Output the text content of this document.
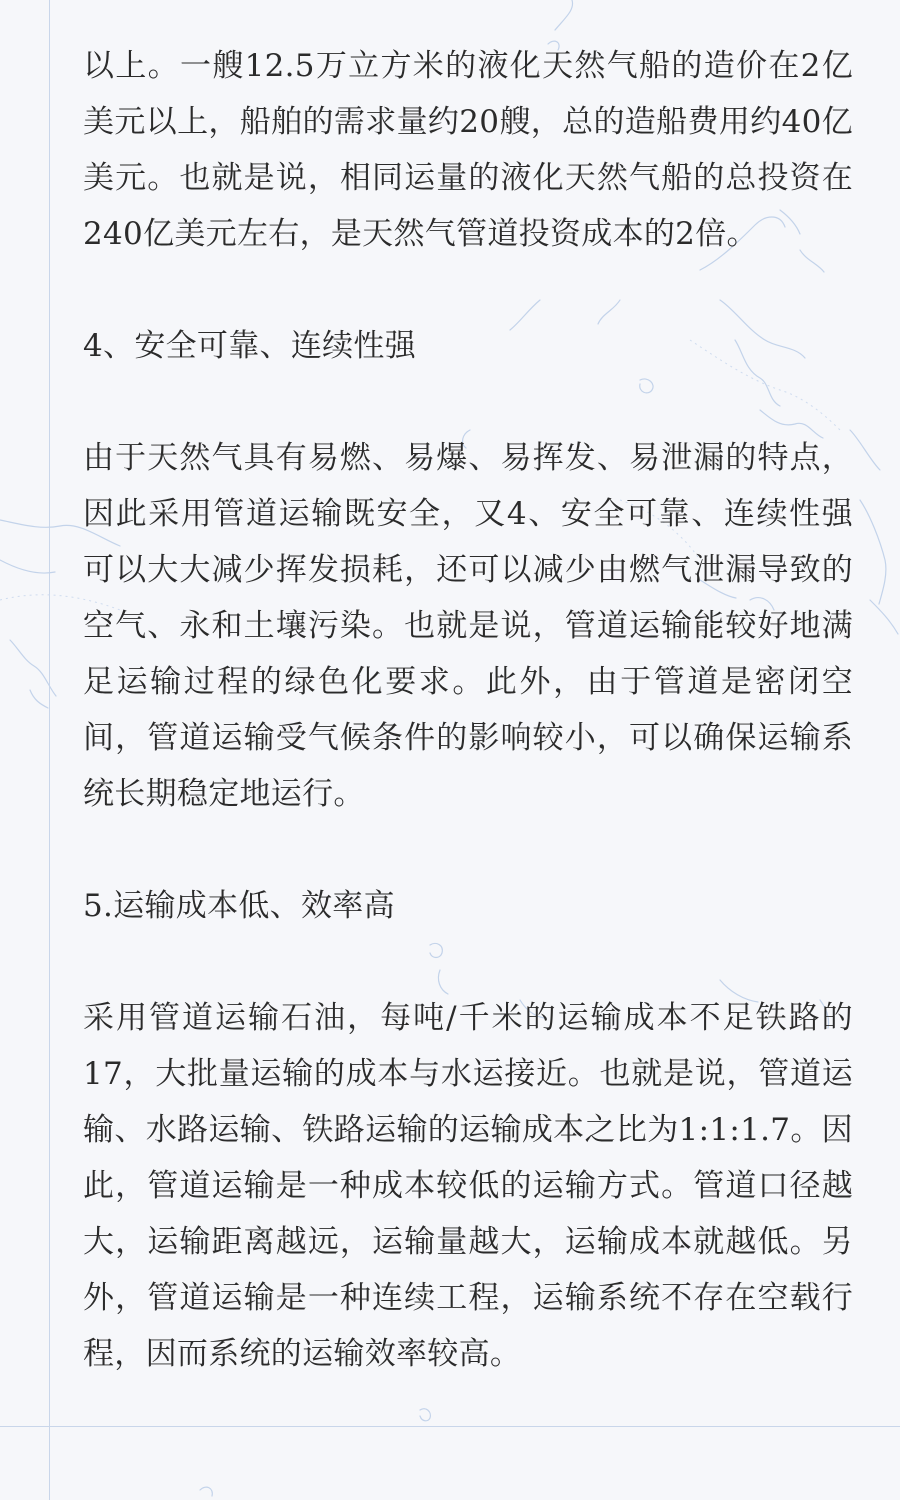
以上。一艘12.5万立方米的液化天然气船的造价在2亿美元以上，船舶的需求量约20艘，总的造船费用约40亿美元。也就是说，相同运量的液化天然气船的总投资在240亿美元左右，是天然气管道投资成本的2倍。

4、安全可靠、连续性强

由于天然气具有易燃、易爆、易挥发、易泄漏的特点，因此采用管道运输既安全，又4、安全可靠、连续性强可以大大减少挥发损耗，还可以减少由燃气泄漏导致的空气、永和土壤污染。也就是说，管道运输能较好地满足运输过程的绿色化要求。此外，由于管道是密闭空间，管道运输受气候条件的影响较小，可以确保运输系统长期稳定地运行。

5.运输成本低、效率高

采用管道运输石油，每吨/千米的运输成本不足铁路的17，大批量运输的成本与水运接近。也就是说，管道运输、水路运输、铁路运输的运输成本之比为1:1:1.7。因此，管道运输是一种成本较低的运输方式。管道口径越大，运输距离越远，运输量越大，运输成本就越低。另外，管道运输是一种连续工程，运输系统不存在空载行程，因而系统的运输效率较高。
